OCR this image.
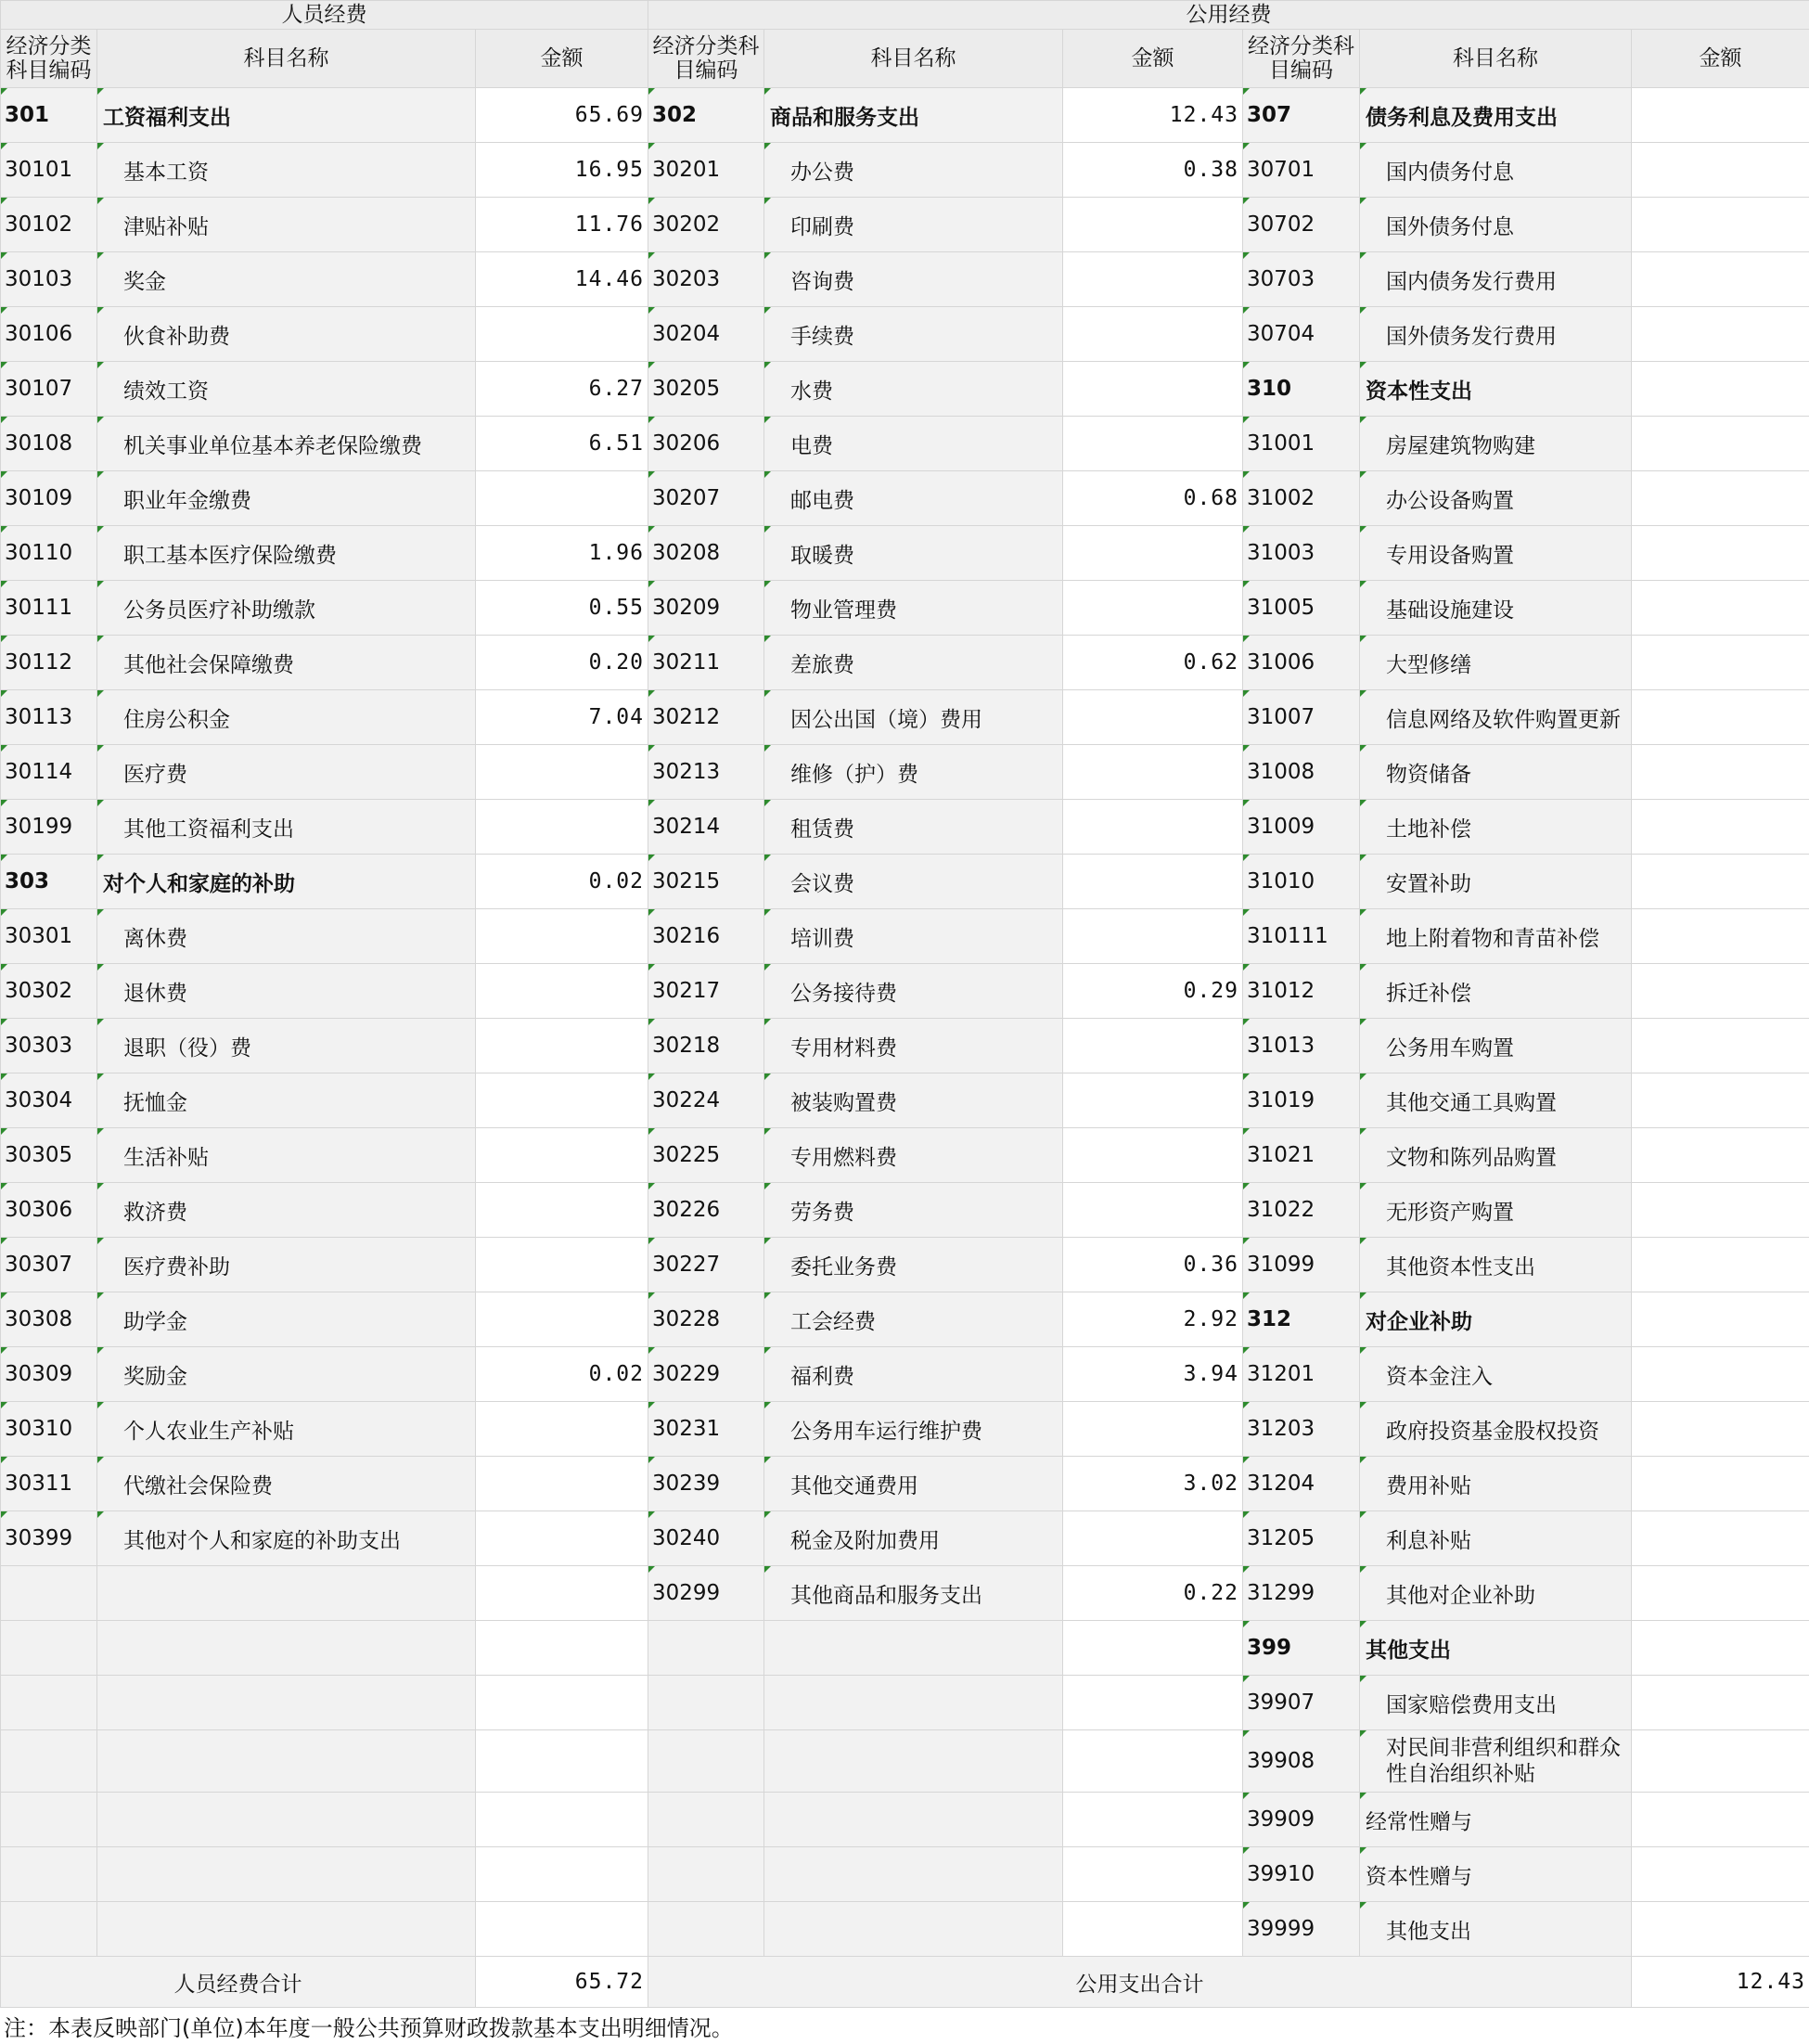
人员经费			公用经费					
经济分类科目编码	科目名称	金额	经济分类科目编码	科目名称	金额	经济分类科目编码	科目名称	金额
301	工资福利支出	65.69	302	商品和服务支出	12.43	307	债务利息及费用支出	
30101	基本工资	16.95	30201	办公费	0.38	30701	国内债务付息	
30102	津贴补贴	11.76	30202	印刷费		30702	国外债务付息	
30103	奖金	14.46	30203	咨询费		30703	国内债务发行费用	
30106	伙食补助费		30204	手续费		30704	国外债务发行费用	
30107	绩效工资	6.27	30205	水费		310	资本性支出	
30108	机关事业单位基本养老保险缴费	6.51	30206	电费		31001	房屋建筑物购建	
30109	职业年金缴费		30207	邮电费	0.68	31002	办公设备购置	
30110	职工基本医疗保险缴费	1.96	30208	取暖费		31003	专用设备购置	
30111	公务员医疗补助缴款	0.55	30209	物业管理费		31005	基础设施建设	
30112	其他社会保障缴费	0.20	30211	差旅费	0.62	31006	大型修缮	
30113	住房公积金	7.04	30212	因公出国（境）费用		31007	信息网络及软件购置更新	
30114	医疗费		30213	维修（护）费		31008	物资储备	
30199	其他工资福利支出		30214	租赁费		31009	土地补偿	
303	对个人和家庭的补助	0.02	30215	会议费		31010	安置补助	
30301	离休费		30216	培训费		310111	地上附着物和青苗补偿	
30302	退休费		30217	公务接待费	0.29	31012	拆迁补偿	
30303	退职（役）费		30218	专用材料费		31013	公务用车购置	
30304	抚恤金		30224	被装购置费		31019	其他交通工具购置	
30305	生活补贴		30225	专用燃料费		31021	文物和陈列品购置	
30306	救济费		30226	劳务费		31022	无形资产购置	
30307	医疗费补助		30227	委托业务费	0.36	31099	其他资本性支出	
30308	助学金		30228	工会经费	2.92	312	对企业补助	
30309	奖励金	0.02	30229	福利费	3.94	31201	资本金注入	
30310	个人农业生产补贴		30231	公务用车运行维护费		31203	政府投资基金股权投资	
30311	代缴社会保险费		30239	其他交通费用	3.02	31204	费用补贴	
30399	其他对个人和家庭的补助支出		30240	税金及附加费用		31205	利息补贴	
			30299	其他商品和服务支出	0.22	31299	其他对企业补助	
						399	其他支出	
						39907	国家赔偿费用支出	
						39908	对民间非营利组织和群众性自治组织补贴	
						39909	经常性赠与	
						39910	资本性赠与	
						39999	其他支出	
人员经费合计		65.72	公用支出合计					12.43
注：本表反映部门(单位)本年度一般公共预算财政拨款基本支出明细情况。
